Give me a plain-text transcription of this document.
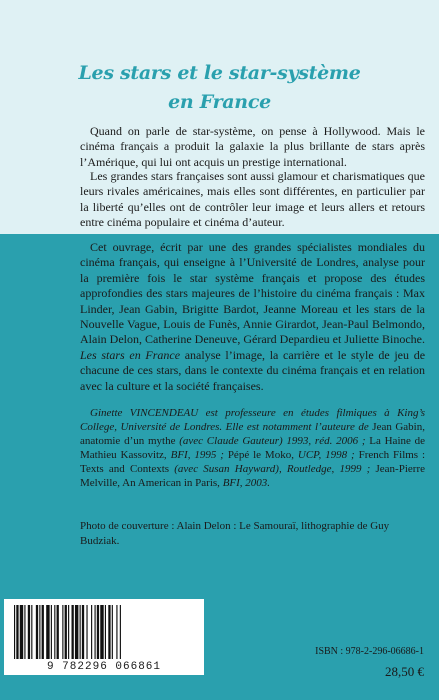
Les stars et le star-système
en France
Quand on parle de star-système, on pense à Hollywood. Mais le cinéma français a produit la galaxie la plus brillante de stars après l’Amérique, qui lui ont acquis un prestige international.
Les grandes stars françaises sont aussi glamour et charismatiques que leurs rivales américaines, mais elles sont différentes, en particulier par la liberté qu’elles ont de contrôler leur image et leurs allers et retours entre cinéma populaire et cinéma d’auteur.
Cet ouvrage, écrit par une des grandes spécialistes mondiales du cinéma français, qui enseigne à l’Université de Londres, analyse pour la première fois le star système français et propose des études approfondies des stars majeures de l’histoire du cinéma français : Max Linder, Jean Gabin, Brigitte Bardot, Jeanne Moreau et les stars de la Nouvelle Vague, Louis de Funès, Annie Girardot, Jean-Paul Belmondo, Alain Delon, Catherine Deneuve, Gérard Depardieu et Juliette Binoche. Les stars en France analyse l’image, la carrière et le style de jeu de chacune de ces stars, dans le contexte du cinéma français et en relation avec la culture et la société françaises.
Ginette VINCENDEAU est professeure en études filmiques à King’s College, Université de Londres. Elle est notamment l’auteure de Jean Gabin, anatomie d’un mythe (avec Claude Gauteur) 1993, réd. 2006 ; La Haine de Mathieu Kassovitz, BFI, 1995 ; Pépé le Moko, UCP, 1998 ; French Films : Texts and Contexts (avec Susan Hayward), Routledge, 1999 ; Jean-Pierre Melville, An American in Paris, BFI, 2003.
Photo de couverture : Alain Delon : Le Samouraï, lithographie de Guy Budziak.
9 782296 066861
ISBN : 978-2-296-06686-1
28,50 €
